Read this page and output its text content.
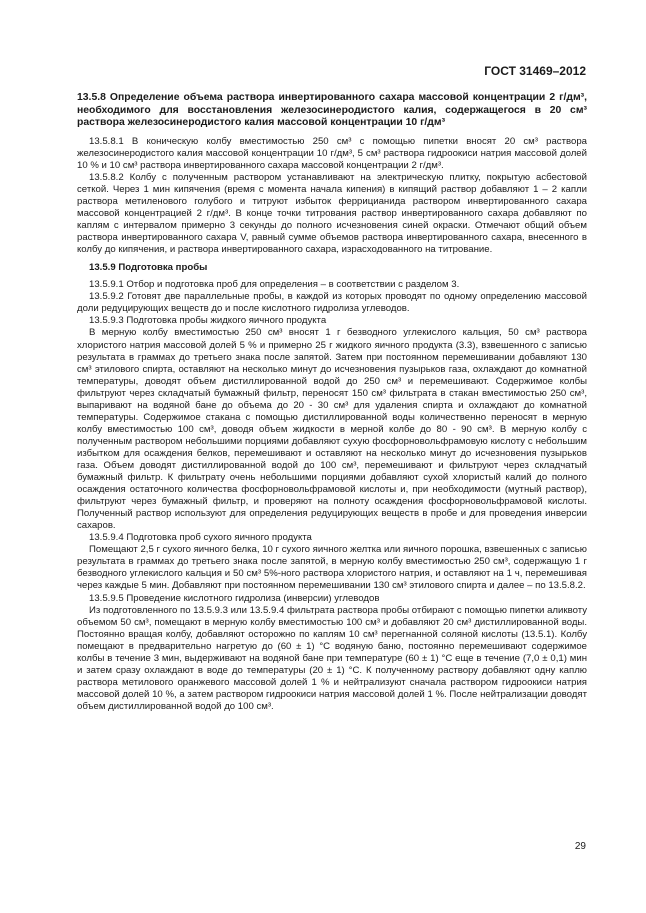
ГОСТ 31469–2012

13.5.8 Определение объема раствора инвертированного сахара массовой концентрации 2 г/дм³, необходимого для восстановления железосинеродистого калия, содержащегося в 20 см³ раствора железосинеродистого калия массовой концентрации 10 г/дм³

13.5.8.1 В коническую колбу вместимостью 250 см³ с помощью пипетки вносят 20 см³ раствора железосинеродистого калия массовой концентрации 10 г/дм³, 5 см³ раствора гидроокиси натрия массовой долей 10 % и 10 см³ раствора инвертированного сахара массовой концентрации 2 г/дм³.

13.5.8.2 Колбу с полученным раствором устанавливают на электрическую плитку, покрытую асбестовой сеткой. Через 1 мин кипячения (время с момента начала кипения) в кипящий раствор добавляют 1 – 2 капли раствора метиленового голубого и титруют избыток феррицианида раствором инвертированного сахара массовой концентрацией 2 г/дм³. В конце точки титрования раствор инвертированного сахара добавляют по каплям с интервалом примерно 3 секунды до полного исчезновения синей окраски. Отмечают общий объем раствора инвертированного сахара V, равный сумме объемов раствора инвертированного сахара, внесенного в колбу до кипячения, и раствора инвертированного сахара, израсходованного на титрование.

13.5.9 Подготовка пробы

13.5.9.1 Отбор и подготовка проб для определения – в соответствии с разделом 3.

13.5.9.2 Готовят две параллельные пробы, в каждой из которых проводят по одному определению массовой доли редуцирующих веществ до и после кислотного гидролиза углеводов.

13.5.9.3 Подготовка пробы жидкого яичного продукта

В мерную колбу вместимостью 250 см³ вносят 1 г безводного углекислого кальция, 50 см³ раствора хлористого натрия массовой долей 5 % и примерно 25 г жидкого яичного продукта (3.3), взвешенного с записью результата в граммах до третьего знака после запятой. Затем при постоянном перемешивании добавляют 130 см³ этилового спирта, оставляют на несколько минут до исчезновения пузырьков газа, охлаждают до комнатной температуры, доводят объем дистиллированной водой до 250 см³ и перемешивают. Содержимое колбы фильтруют через складчатый бумажный фильтр, переносят 150 см³ фильтрата в стакан вместимостью 250 см³, выпаривают на водяной бане до объема до 20 - 30 см³ для удаления спирта и охлаждают до комнатной температуры. Содержимое стакана с помощью дистиллированной воды количественно переносят в мерную колбу вместимостью 100 см³, доводя объем жидкости в мерной колбе до 80 - 90 см³. В мерную колбу с полученным раствором небольшими порциями добавляют сухую фосфорновольфрамовую кислоту с небольшим избытком для осаждения белков, перемешивают и оставляют на несколько минут до исчезновения пузырьков газа. Объем доводят дистиллированной водой до 100 см³, перемешивают и фильтруют через складчатый бумажный фильтр. К фильтрату очень небольшими порциями добавляют сухой хлористый калий до полного осаждения остаточного количества фосфорновольфрамовой кислоты и, при необходимости (мутный раствор), фильтруют через бумажный фильтр, и проверяют на полноту осаждения фосфорновольфрамовой кислоты. Полученный раствор используют для определения редуцирующих веществ в пробе и для проведения инверсии сахаров.

13.5.9.4 Подготовка проб сухого яичного продукта

Помещают 2,5 г сухого яичного белка, 10 г сухого яичного желтка или яичного порошка, взвешенных с записью результата в граммах до третьего знака после запятой, в мерную колбу вместимостью 250 см³, содержащую 1 г безводного углекислого кальция и 50 см³ 5%-ного раствора хлористого натрия, и оставляют на 1 ч, перемешивая через каждые 5 мин. Добавляют при постоянном перемешивании 130 см³ этилового спирта и далее – по 13.5.8.2.

13.5.9.5 Проведение кислотного гидролиза (инверсии) углеводов

Из подготовленного по 13.5.9.3 или 13.5.9.4 фильтрата раствора пробы отбирают с помощью пипетки аликвоту объемом 50 см³, помещают в мерную колбу вместимостью 100 см³ и добавляют 20 см³ дистиллированной воды. Постоянно вращая колбу, добавляют осторожно по каплям 10 см³ перегнанной соляной кислоты (13.5.1). Колбу помещают в предварительно нагретую до (60 ± 1) °С водяную баню, постоянно перемешивают содержимое колбы в течение 3 мин, выдерживают на водяной бане при температуре (60 ± 1) °С еще в течение (7,0 ± 0,1) мин и затем сразу охлаждают в воде до температуры (20 ± 1) °С. К полученному раствору добавляют одну каплю раствора метилового оранжевого массовой долей 1 % и нейтрализуют сначала раствором гидроокиси натрия массовой долей 10 %, а затем раствором гидроокиси натрия массовой долей 1 %. После нейтрализации доводят объем дистиллированной водой до 100 см³.

29
